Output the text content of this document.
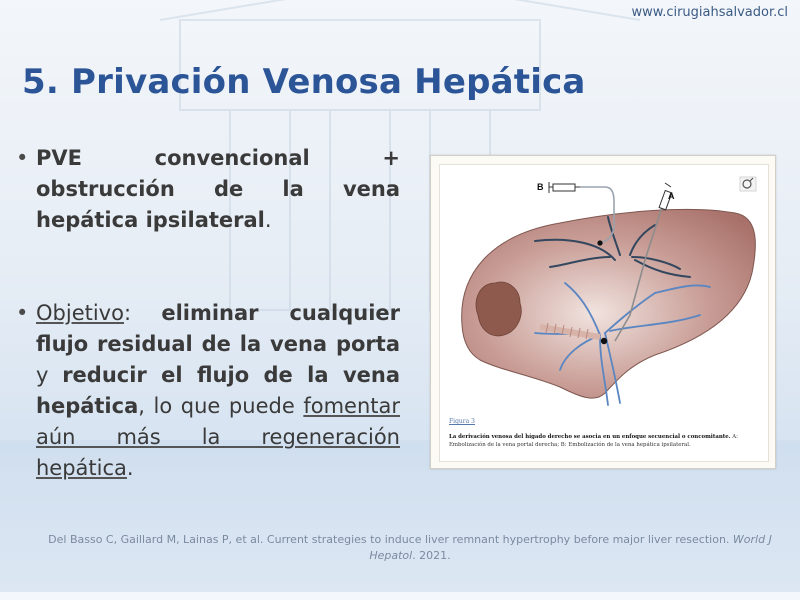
www.cirugiahsalvador.cl
5. Privación Venosa Hepática
• PVE convencional + obstrucción de la vena hepática ipsilateral.
• Objetivo: eliminar cualquier flujo residual de la vena porta y reducir el flujo de la vena hepática, lo que puede fomentar aún más la regeneración hepática.
B
A
Figura 3
La derivación venosa del hígado derecho se asocia en un enfoque secuencial o concomitante. A: Embolización de la vena portal derecha; B: Embolización de la vena hepática ipsilateral.
Del Basso C, Gaillard M, Lainas P, et al. Current strategies to induce liver remnant hypertrophy before major liver resection. World J Hepatol. 2021.
